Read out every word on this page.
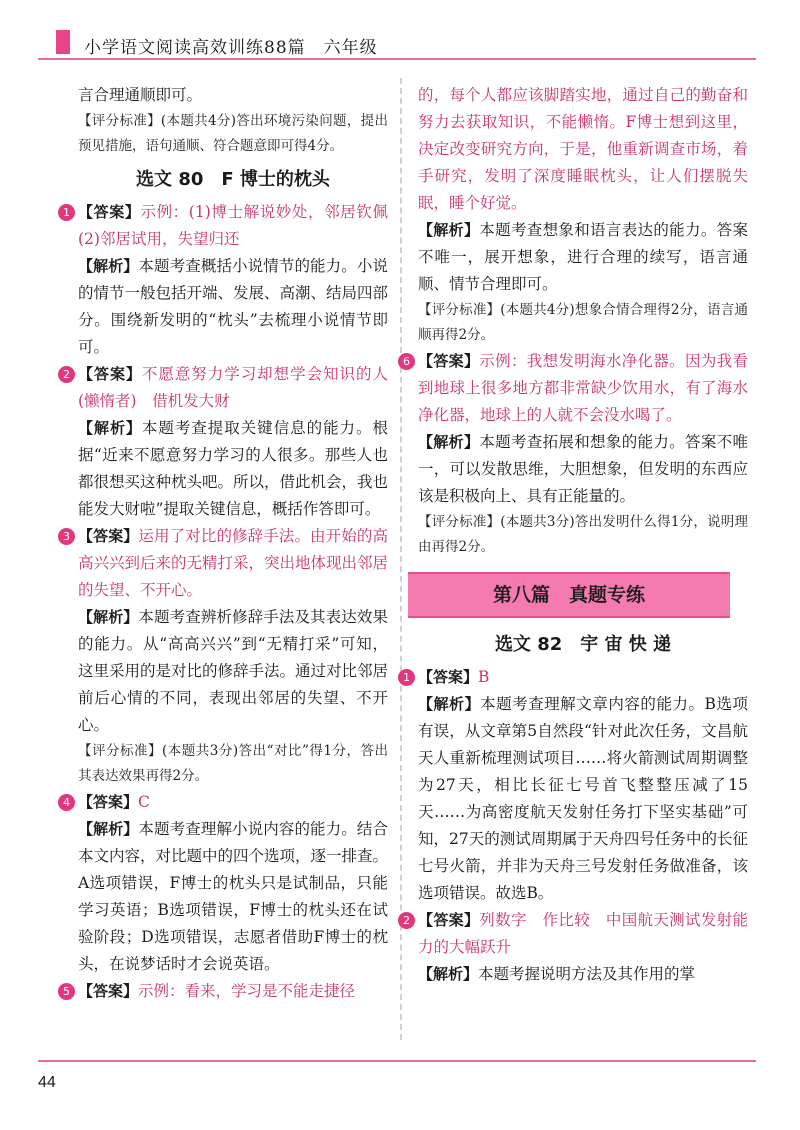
小学语文阅读高效训练88篇　六年级

言合理通顺即可。

【评分标准】(本题共4分)答出环境污染问题，提出预见措施，语句通顺、符合题意即可得4分。

选文 80　F 博士的枕头
1 【答案】示例：(1)博士解说妙处，邻居钦佩　(2)邻居试用，失望归还

【解析】本题考查概括小说情节的能力。小说的情节一般包括开端、发展、高潮、结局四部分。围绕新发明的“枕头”去梳理小说情节即可。

2 【答案】不愿意努力学习却想学会知识的人(懒惰者)　借机发大财

【解析】本题考查提取关键信息的能力。根据“近来不愿意努力学习的人很多。那些人也都很想买这种枕头吧。所以，借此机会，我也能发大财啦”提取关键信息，概括作答即可。

3 【答案】运用了对比的修辞手法。由开始的高高兴兴到后来的无精打采，突出地体现出邻居的失望、不开心。

【解析】本题考查辨析修辞手法及其表达效果的能力。从“高高兴兴”到“无精打采”可知，这里采用的是对比的修辞手法。通过对比邻居前后心情的不同，表现出邻居的失望、不开心。

【评分标准】(本题共3分)答出“对比”得1分，答出其表达效果再得2分。

4 【答案】C

【解析】本题考查理解小说内容的能力。结合本文内容，对比题中的四个选项，逐一排查。A选项错误，F博士的枕头只是试制品，只能学习英语；B选项错误，F博士的枕头还在试验阶段；D选项错误，志愿者借助F博士的枕头，在说梦话时才会说英语。

5 【答案】示例：看来，学习是不能走捷径

的，每个人都应该脚踏实地，通过自己的勤奋和努力去获取知识，不能懒惰。F博士想到这里，决定改变研究方向，于是，他重新调查市场，着手研究，发明了深度睡眠枕头，让人们摆脱失眠，睡个好觉。

【解析】本题考查想象和语言表达的能力。答案不唯一，展开想象，进行合理的续写，语言通顺、情节合理即可。

【评分标准】(本题共4分)想象合情合理得2分，语言通顺再得2分。

6 【答案】示例：我想发明海水净化器。因为我看到地球上很多地方都非常缺少饮用水，有了海水净化器，地球上的人就不会没水喝了。

【解析】本题考查拓展和想象的能力。答案不唯一，可以发散思维，大胆想象，但发明的东西应该是积极向上、具有正能量的。

【评分标准】(本题共3分)答出发明什么得1分，说明理由再得2分。

第八篇　真题专练
选文 82　宇 宙 快 递
1 【答案】B

【解析】本题考查理解文章内容的能力。B选项有误，从文章第5自然段“针对此次任务，文昌航天人重新梳理测试项目……将火箭测试周期调整为27天，相比长征七号首飞整整压减了15天……为高密度航天发射任务打下坚实基础”可知，27天的测试周期属于天舟四号任务中的长征七号火箭，并非为天舟三号发射任务做准备，该选项错误。故选B。

2 【答案】列数字　作比较　中国航天测试发射能力的大幅跃升

【解析】本题考握说明方法及其作用的掌

44
